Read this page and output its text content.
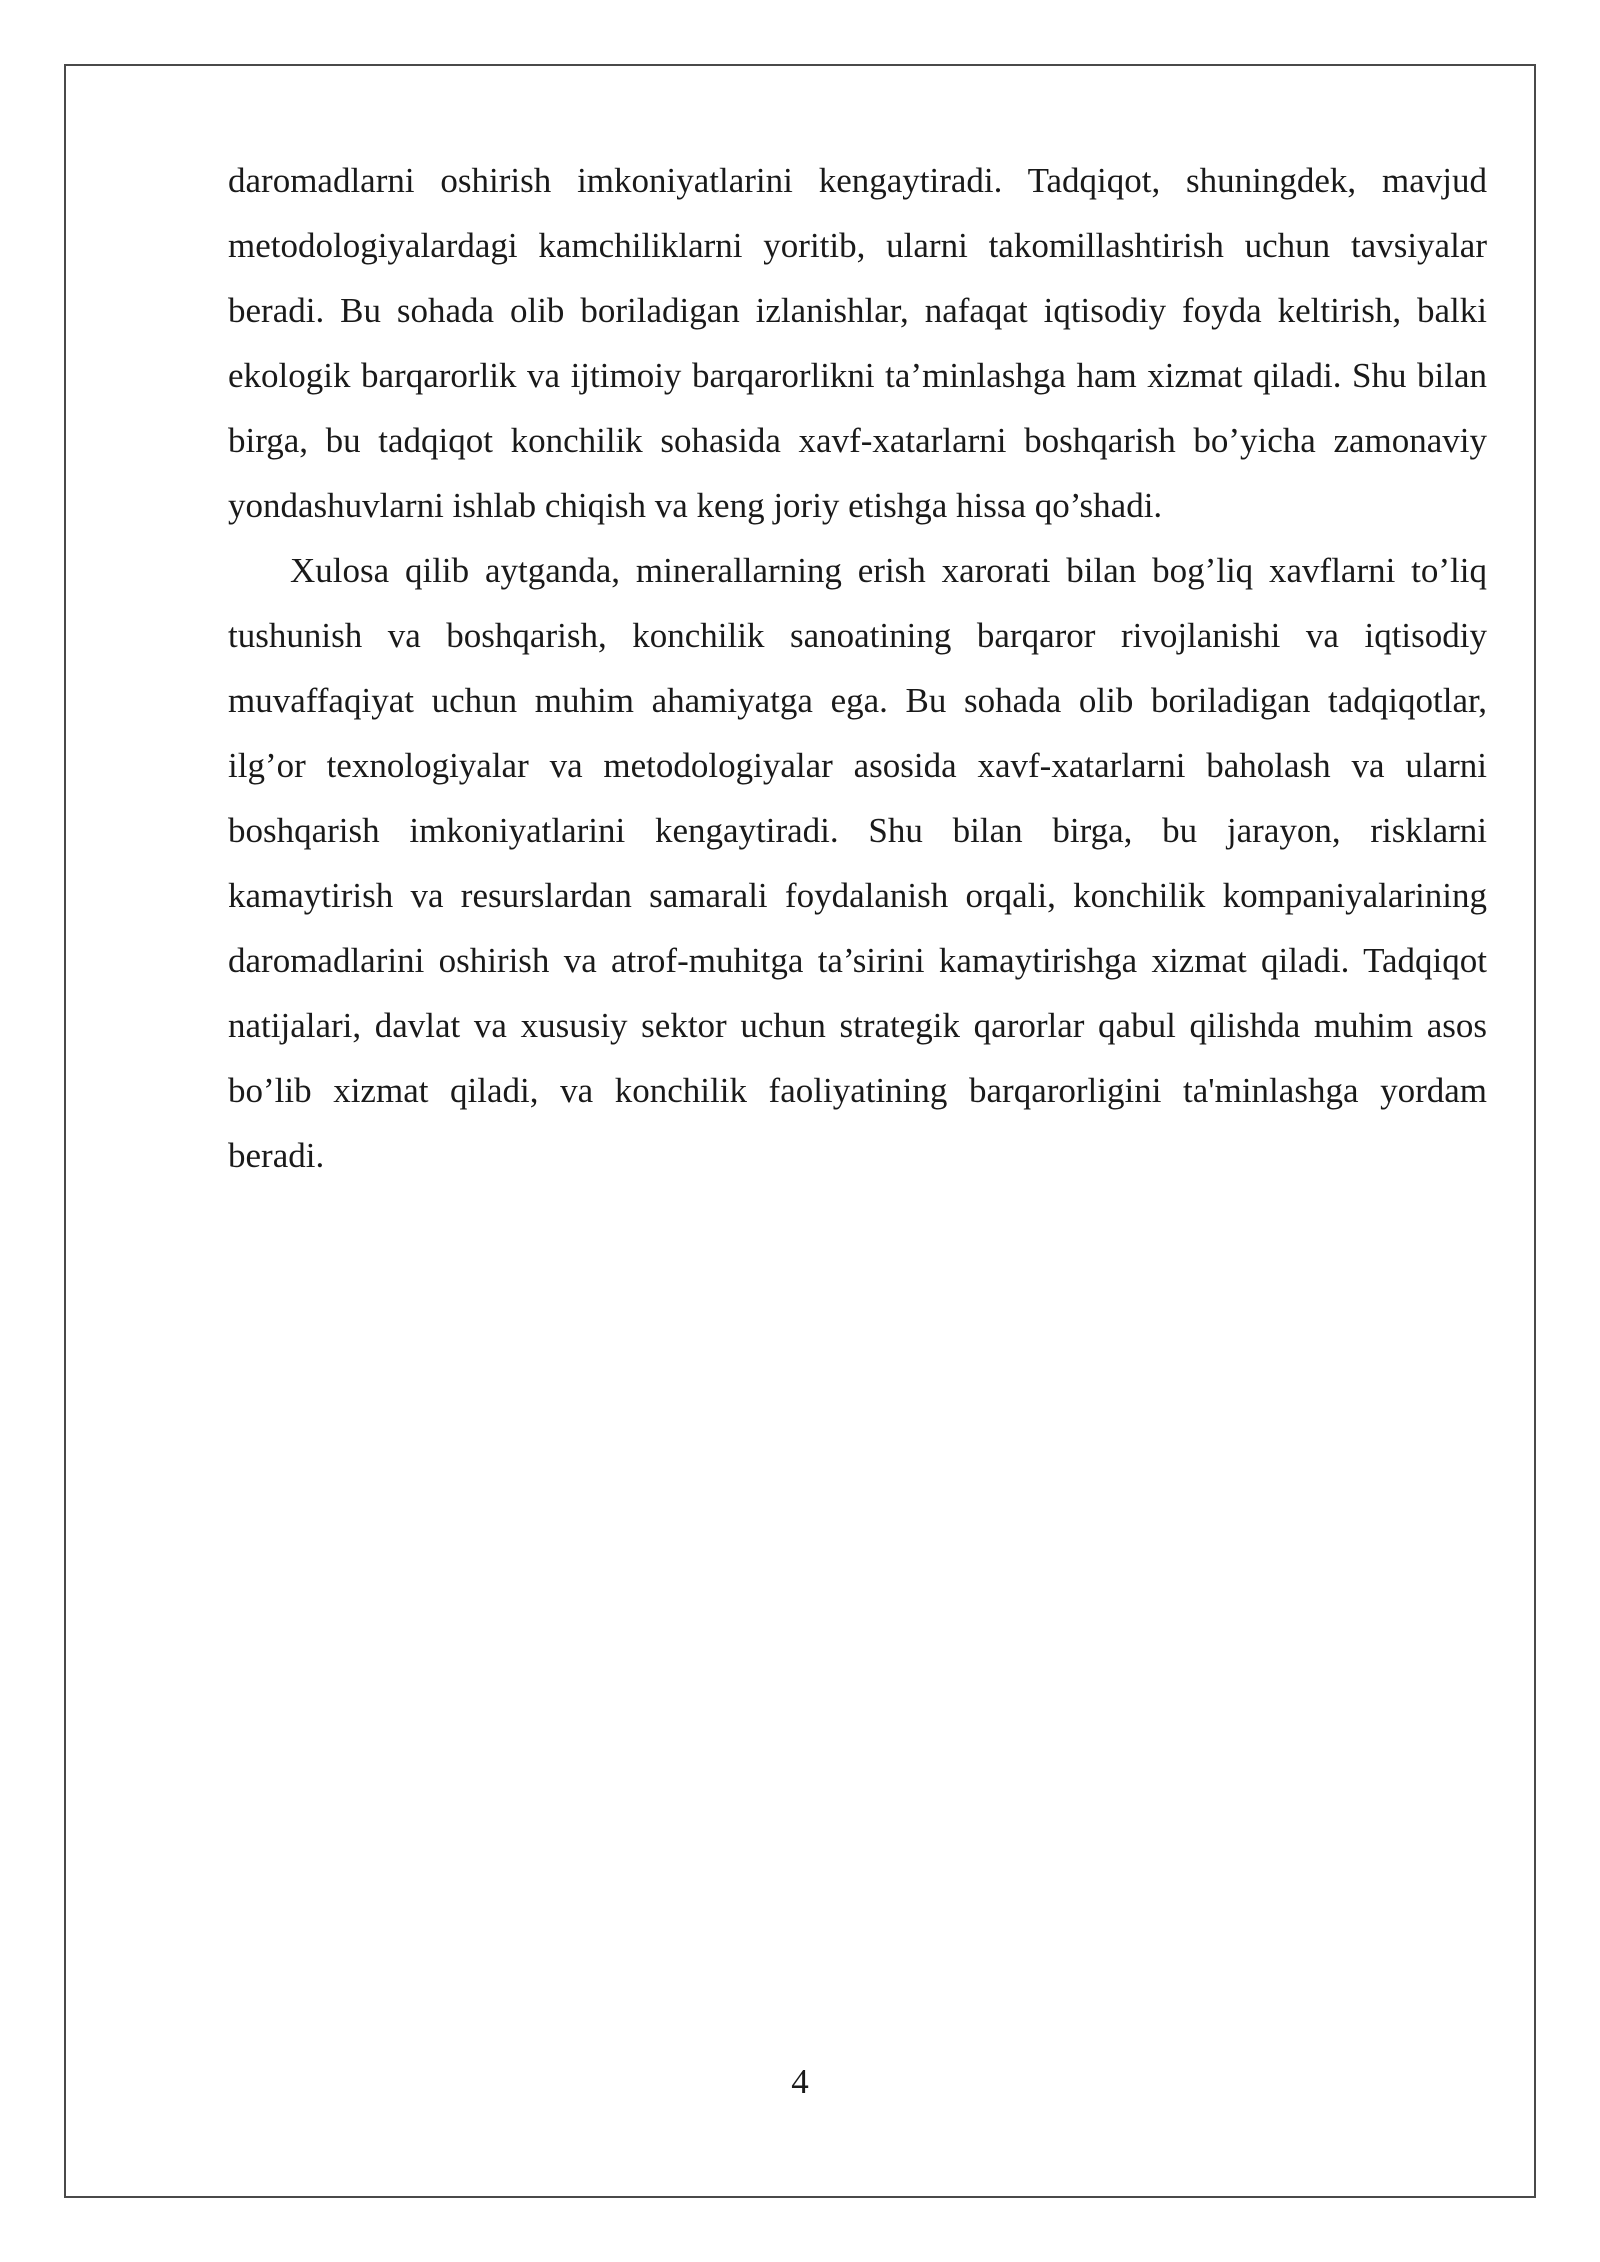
daromadlarni oshirish imkoniyatlarini kengaytiradi. Tadqiqot, shuningdek, mavjud metodologiyalardagi kamchiliklarni yoritib, ularni takomillashtirish uchun tavsiyalar beradi. Bu sohada olib boriladigan izlanishlar, nafaqat iqtisodiy foyda keltirish, balki ekologik barqarorlik va ijtimoiy barqarorlikni ta’minlashga ham xizmat qiladi. Shu bilan birga, bu tadqiqot konchilik sohasida xavf-xatarlarni boshqarish bo’yicha zamonaviy yondashuvlarni ishlab chiqish va keng joriy etishga hissa qo’shadi.

Xulosa qilib aytganda, minerallarning erish xarorati bilan bog’liq xavflarni to’liq tushunish va boshqarish, konchilik sanoatining barqaror rivojlanishi va iqtisodiy muvaffaqiyat uchun muhim ahamiyatga ega. Bu sohada olib boriladigan tadqiqotlar, ilg’or texnologiyalar va metodologiyalar asosida xavf-xatarlarni baholash va ularni boshqarish imkoniyatlarini kengaytiradi. Shu bilan birga, bu jarayon, risklarni kamaytirish va resurslardan samarali foydalanish orqali, konchilik kompaniyalarining daromadlarini oshirish va atrof-muhitga ta’sirini kamaytirishga xizmat qiladi. Tadqiqot natijalari, davlat va xususiy sektor uchun strategik qarorlar qabul qilishda muhim asos bo’lib xizmat qiladi, va konchilik faoliyatining barqarorligini ta'minlashga yordam beradi.

4
